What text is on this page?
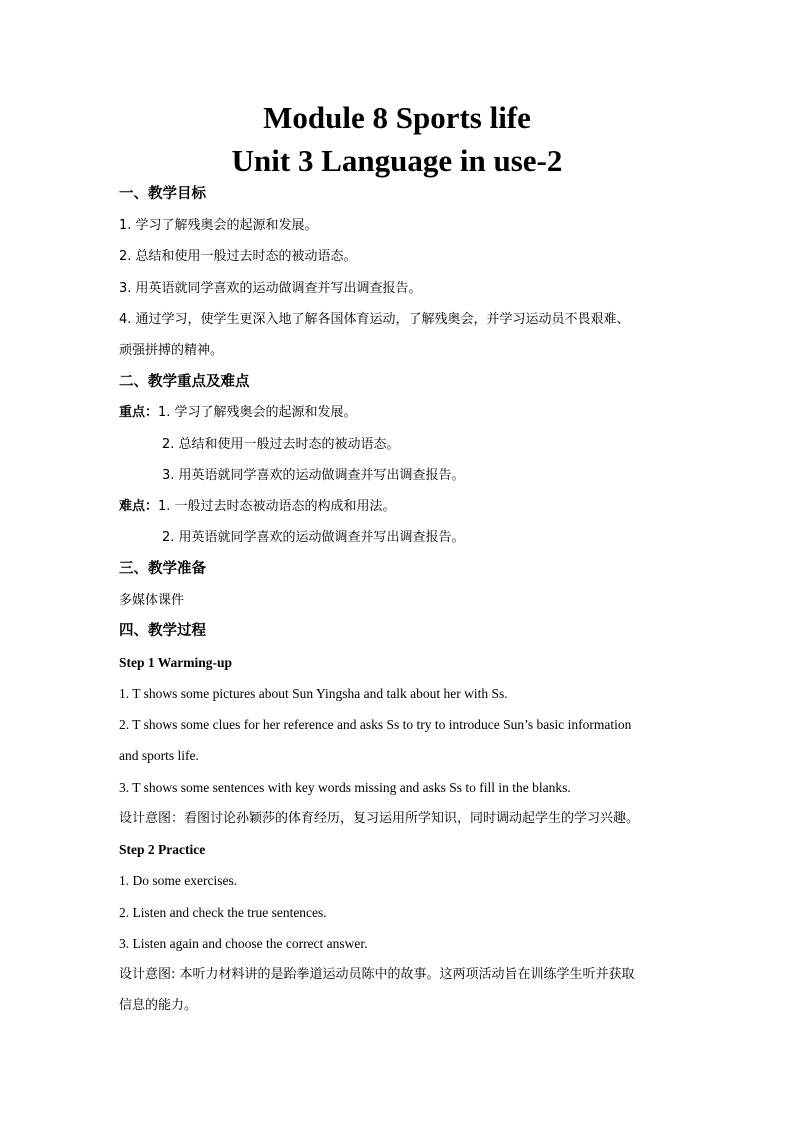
Module 8 Sports life
Unit 3 Language in use-2
一、教学目标
1. 学习了解残奥会的起源和发展。
2. 总结和使用一般过去时态的被动语态。
3. 用英语就同学喜欢的运动做调查并写出调查报告。
4. 通过学习，使学生更深入地了解各国体育运动，了解残奥会，并学习运动员不畏艰难、
顽强拼搏的精神。
二、教学重点及难点
重点：1. 学习了解残奥会的起源和发展。
2. 总结和使用一般过去时态的被动语态。
3. 用英语就同学喜欢的运动做调查并写出调查报告。
难点：1. 一般过去时态被动语态的构成和用法。
2. 用英语就同学喜欢的运动做调查并写出调查报告。
三、教学准备
多媒体课件
四、教学过程
Step 1 Warming-up
1. T shows some pictures about Sun Yingsha and talk about her with Ss.
2. T shows some clues for her reference and asks Ss to try to introduce Sun’s basic information
and sports life.
3. T shows some sentences with key words missing and asks Ss to fill in the blanks.
设计意图：看图讨论孙颖莎的体育经历，复习运用所学知识，同时调动起学生的学习兴趣。
Step 2 Practice
1. Do some exercises.
2. Listen and check the true sentences.
3. Listen again and choose the correct answer.
设计意图: 本听力材料讲的是跆拳道运动员陈中的故事。这两项活动旨在训练学生听并获取
信息的能力。
